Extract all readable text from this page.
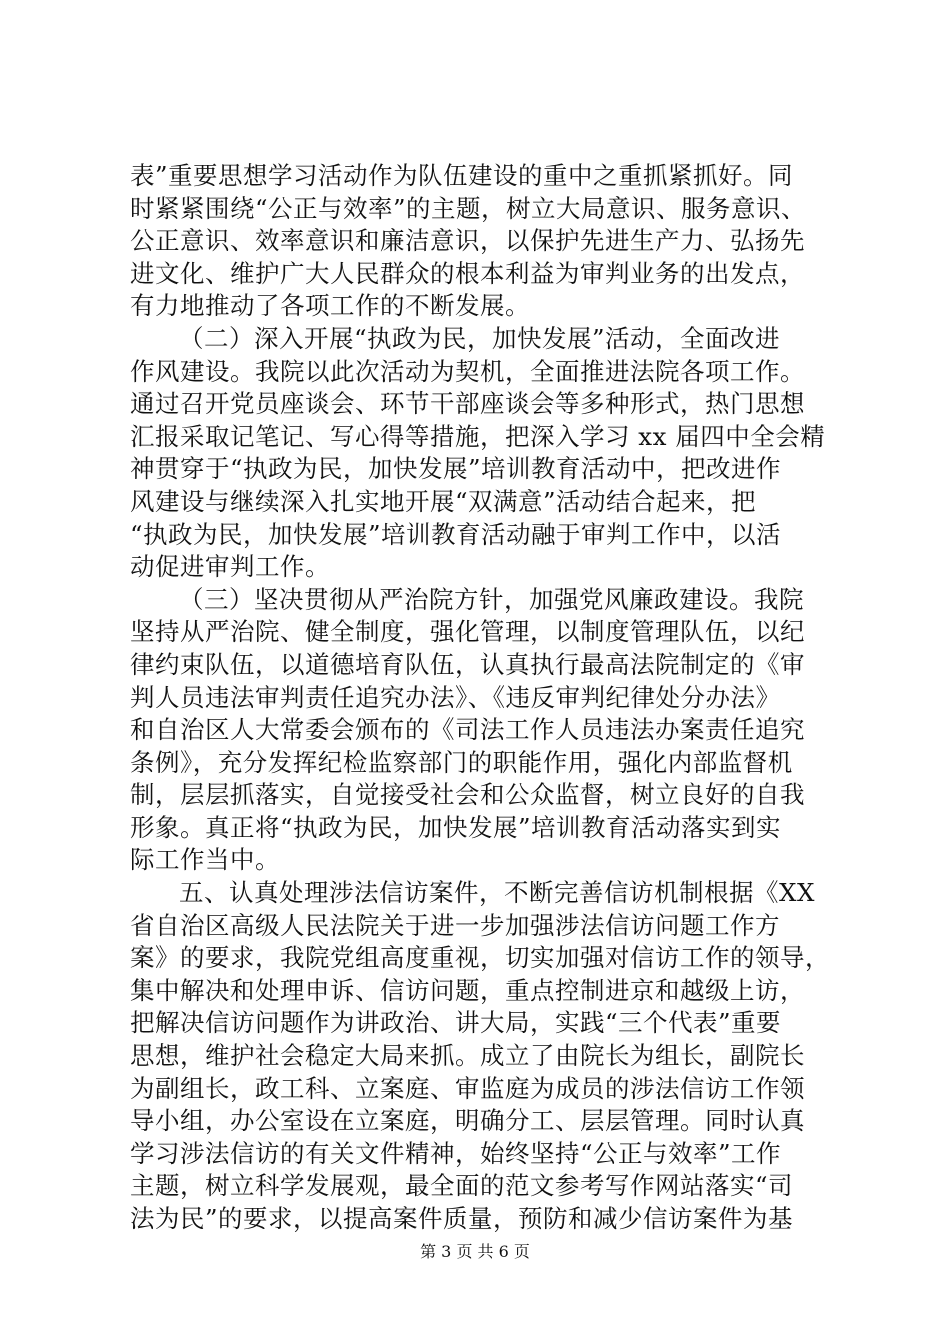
表”重要思想学习活动作为队伍建设的重中之重抓紧抓好。同
时紧紧围绕“公正与效率”的主题，树立大局意识、服务意识、
公正意识、效率意识和廉洁意识，以保护先进生产力、弘扬先
进文化、维护广大人民群众的根本利益为审判业务的出发点，
有力地推动了各项工作的不断发展。
（二）深入开展“执政为民，加快发展”活动，全面改进
作风建设。我院以此次活动为契机，全面推进法院各项工作。
通过召开党员座谈会、环节干部座谈会等多种形式，热门思想
汇报采取记笔记、写心得等措施，把深入学习 xx 届四中全会精
神贯穿于“执政为民，加快发展”培训教育活动中，把改进作
风建设与继续深入扎实地开展“双满意”活动结合起来，把
“执政为民，加快发展”培训教育活动融于审判工作中，以活
动促进审判工作。
（三）坚决贯彻从严治院方针，加强党风廉政建设。我院
坚持从严治院、健全制度，强化管理，以制度管理队伍，以纪
律约束队伍，以道德培育队伍，认真执行最高法院制定的《审
判人员违法审判责任追究办法》、《违反审判纪律处分办法》
和自治区人大常委会颁布的《司法工作人员违法办案责任追究
条例》，充分发挥纪检监察部门的职能作用，强化内部监督机
制，层层抓落实，自觉接受社会和公众监督，树立良好的自我
形象。真正将“执政为民，加快发展”培训教育活动落实到实
际工作当中。
五、认真处理涉法信访案件，不断完善信访机制根据《XX
省自治区高级人民法院关于进一步加强涉法信访问题工作方
案》的要求，我院党组高度重视，切实加强对信访工作的领导，
集中解决和处理申诉、信访问题，重点控制进京和越级上访，
把解决信访问题作为讲政治、讲大局，实践“三个代表”重要
思想，维护社会稳定大局来抓。成立了由院长为组长，副院长
为副组长，政工科、立案庭、审监庭为成员的涉法信访工作领
导小组，办公室设在立案庭，明确分工、层层管理。同时认真
学习涉法信访的有关文件精神，始终坚持“公正与效率”工作
主题，树立科学发展观，最全面的范文参考写作网站落实“司
法为民”的要求，以提高案件质量，预防和减少信访案件为基
第 3 页 共 6 页
